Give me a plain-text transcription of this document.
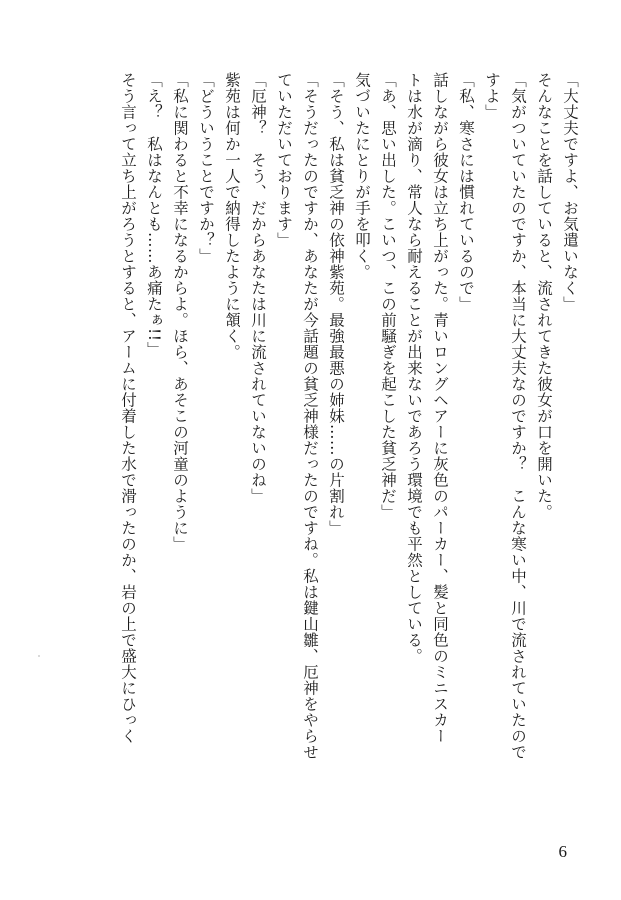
「大丈夫ですよ、お気遣いなく」
そんなことを話していると、流されてきた彼女が口を開いた。
「気がついていたのですか、本当に大丈夫なのですか？　こんな寒い中、川で流されていたので
すよ」
「私、寒さには慣れているので」
話しながら彼女は立ち上がった。青いロングヘアーに灰色のパーカー、髪と同色のミニスカー
トは水が滴り、常人なら耐えることが出来ないであろう環境でも平然としている。
「あ、思い出した。こいつ、この前騒ぎを起こした貧乏神だ」
気づいたにとりが手を叩く。
「そう、私は貧乏神の依神紫苑。最強最悪の姉妹……の片割れ」
「そうだったのですか、あなたが今話題の貧乏神様だったのですね。私は鍵山雛、厄神をやらせ
ていただいております」
「厄神？　そう、だからあなたは川に流されていないのね」
紫苑は何か一人で納得したように頷く。
「どういうことですか？」
「私に関わると不幸になるからよ。ほら、あそこの河童のように」
「え？　私はなんとも……あ痛たぁ!!」
そう言って立ち上がろうとすると、アームに付着した水で滑ったのか、岩の上で盛大にひっく
6
